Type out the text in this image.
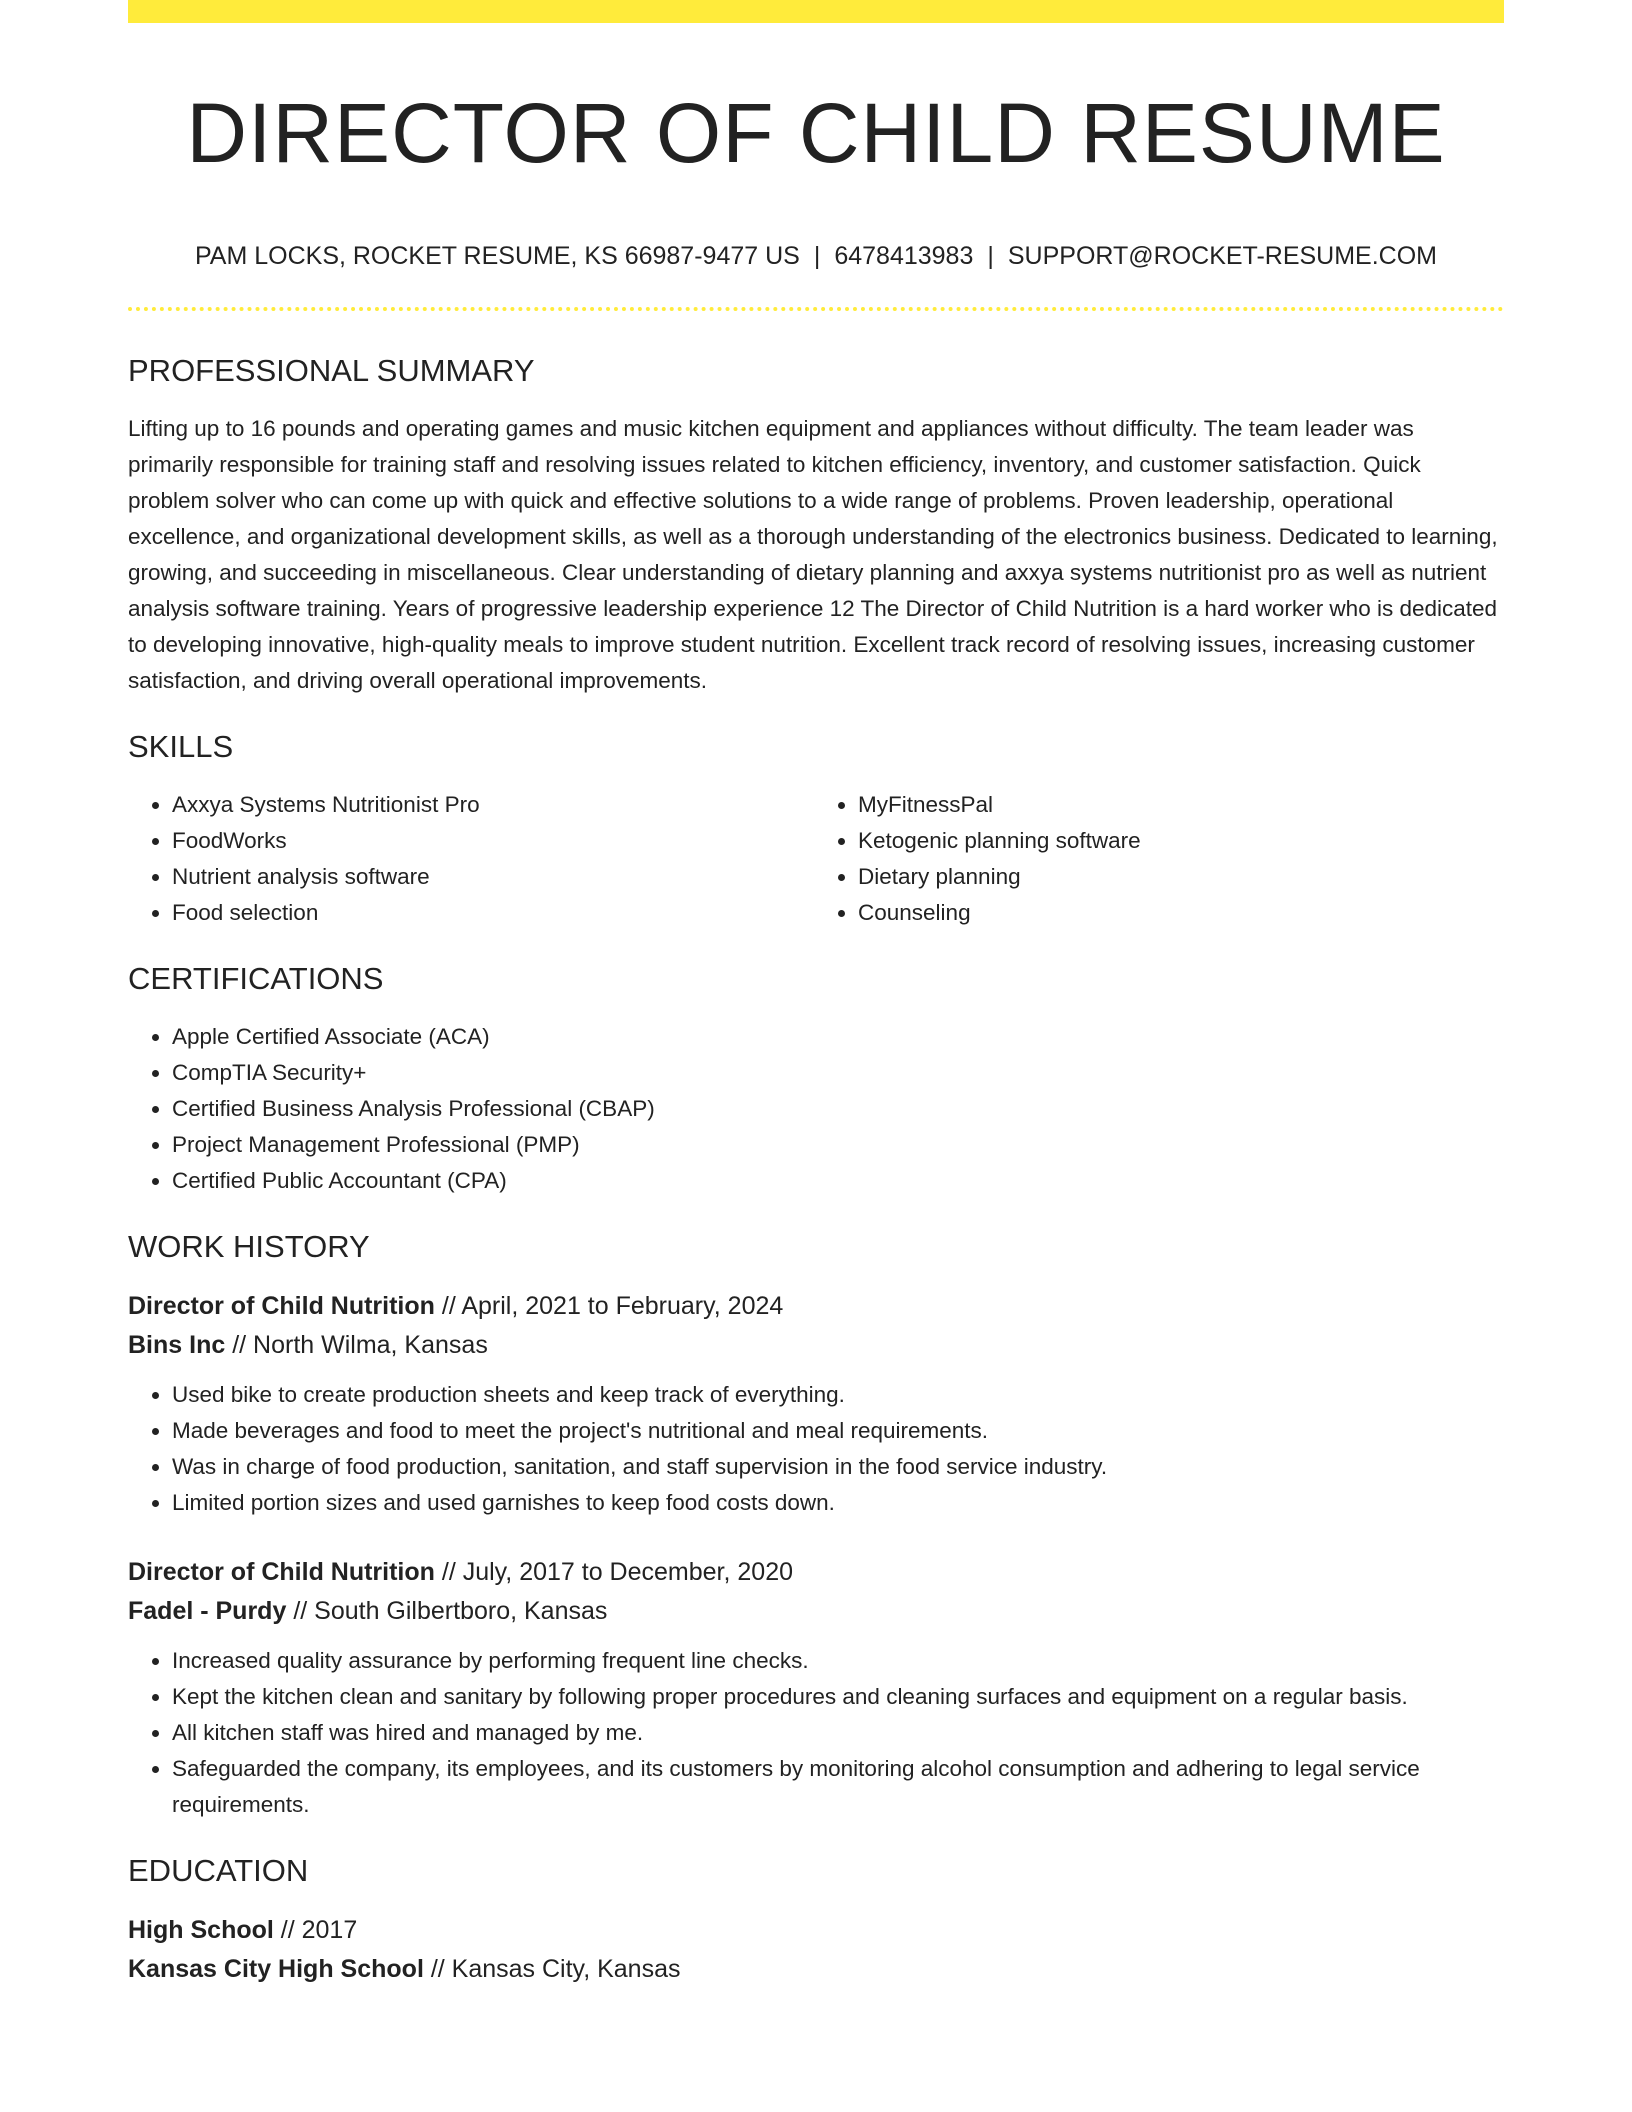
DIRECTOR OF CHILD RESUME
PAM LOCKS, ROCKET RESUME, KS 66987-9477 US | 6478413983 | SUPPORT@ROCKET-RESUME.COM
PROFESSIONAL SUMMARY
Lifting up to 16 pounds and operating games and music kitchen equipment and appliances without difficulty. The team leader was primarily responsible for training staff and resolving issues related to kitchen efficiency, inventory, and customer satisfaction. Quick problem solver who can come up with quick and effective solutions to a wide range of problems. Proven leadership, operational excellence, and organizational development skills, as well as a thorough understanding of the electronics business. Dedicated to learning, growing, and succeeding in miscellaneous. Clear understanding of dietary planning and axxya systems nutritionist pro as well as nutrient analysis software training. Years of progressive leadership experience 12 The Director of Child Nutrition is a hard worker who is dedicated to developing innovative, high-quality meals to improve student nutrition. Excellent track record of resolving issues, increasing customer satisfaction, and driving overall operational improvements.
SKILLS
• Axxya Systems Nutritionist Pro
• FoodWorks
• Nutrient analysis software
• Food selection
• MyFitnessPal
• Ketogenic planning software
• Dietary planning
• Counseling
CERTIFICATIONS
• Apple Certified Associate (ACA)
• CompTIA Security+
• Certified Business Analysis Professional (CBAP)
• Project Management Professional (PMP)
• Certified Public Accountant (CPA)
WORK HISTORY
Director of Child Nutrition // April, 2021 to February, 2024
Bins Inc // North Wilma, Kansas
• Used bike to create production sheets and keep track of everything.
• Made beverages and food to meet the project's nutritional and meal requirements.
• Was in charge of food production, sanitation, and staff supervision in the food service industry.
• Limited portion sizes and used garnishes to keep food costs down.
Director of Child Nutrition // July, 2017 to December, 2020
Fadel - Purdy // South Gilbertboro, Kansas
• Increased quality assurance by performing frequent line checks.
• Kept the kitchen clean and sanitary by following proper procedures and cleaning surfaces and equipment on a regular basis.
• All kitchen staff was hired and managed by me.
• Safeguarded the company, its employees, and its customers by monitoring alcohol consumption and adhering to legal service requirements.
EDUCATION
High School // 2017
Kansas City High School // Kansas City, Kansas
